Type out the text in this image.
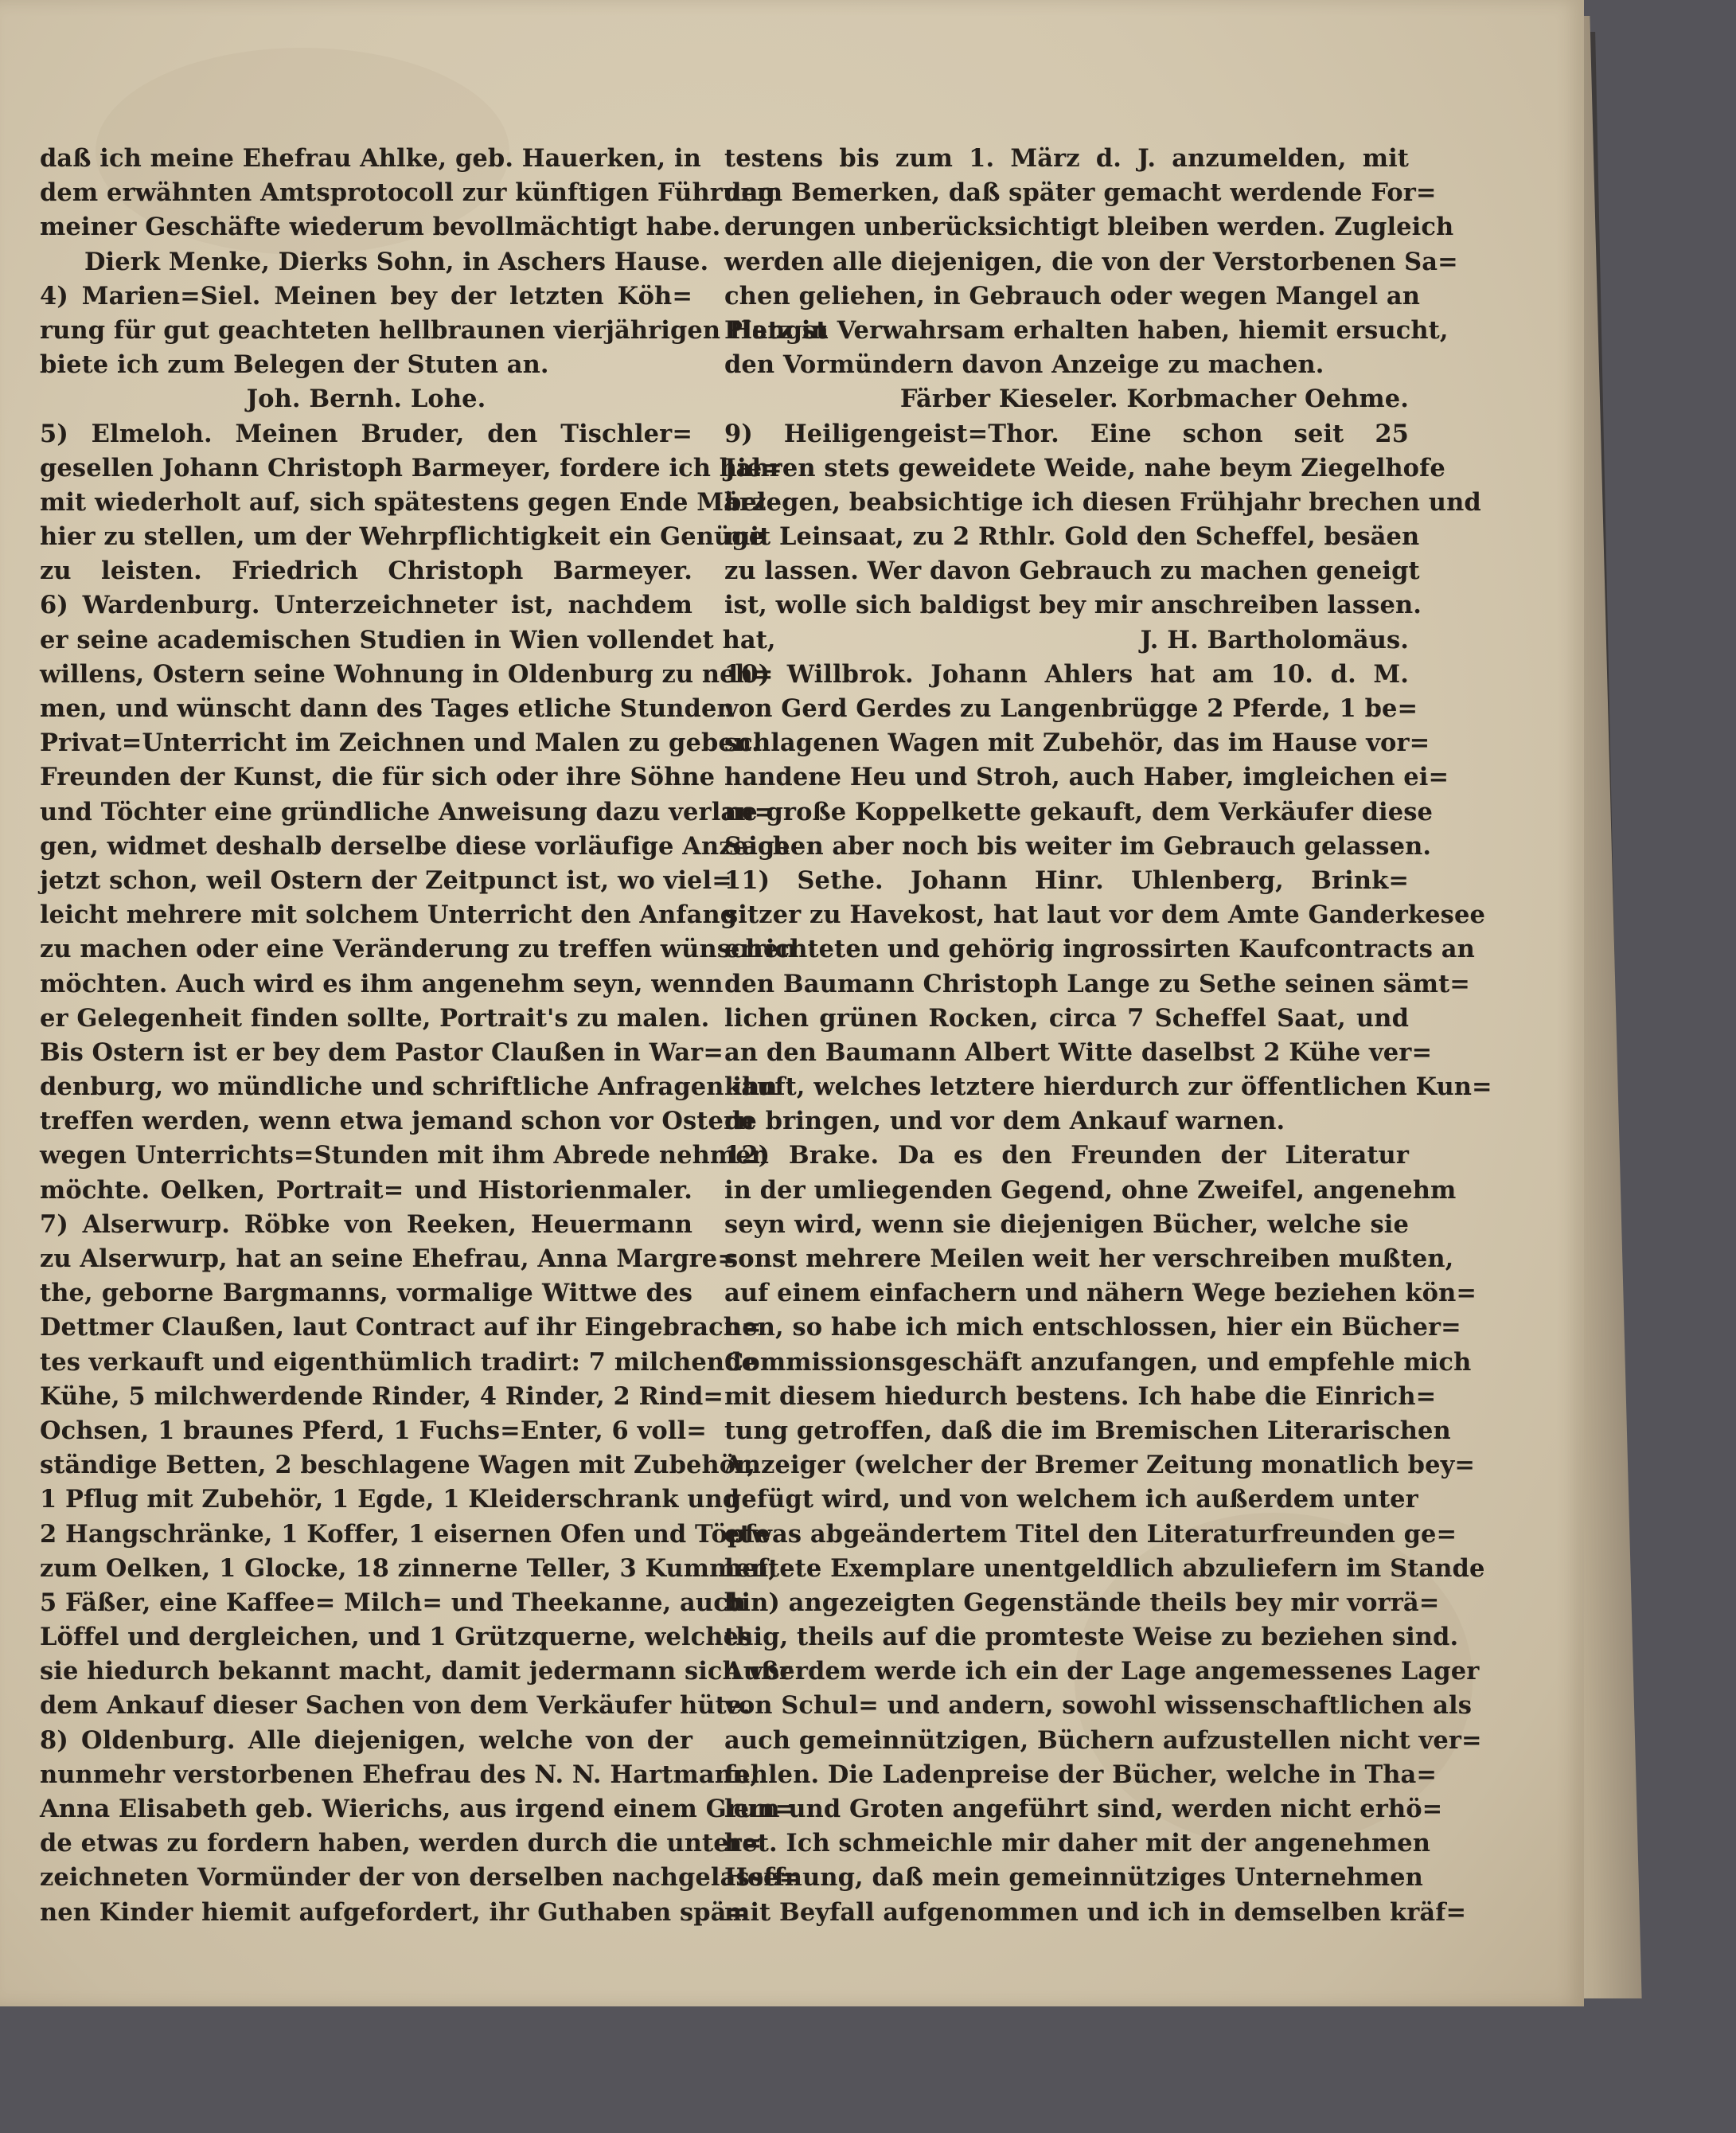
daß ich meine Ehefrau Ahlke, geb. Hauerken, in
dem erwähnten Amtsprotocoll zur künftigen Führung
meiner Geschäfte wiederum bevollmächtigt habe.
Dierk Menke, Dierks Sohn, in Aschers Hause.
4) Marien=Siel. Meinen bey der letzten Köh=
rung für gut geachteten hellbraunen vierjährigen Hengst
biete ich zum Belegen der Stuten an.
Joh. Bernh. Lohe.
5) Elmeloh. Meinen Bruder, den Tischler=
gesellen Johann Christoph Barmeyer, fordere ich hie=
mit wiederholt auf, sich spätestens gegen Ende März
hier zu stellen, um der Wehrpflichtigkeit ein Genüge
zu leisten. Friedrich Christoph Barmeyer.
6) Wardenburg. Unterzeichneter ist, nachdem
er seine academischen Studien in Wien vollendet hat,
willens, Ostern seine Wohnung in Oldenburg zu neh=
men, und wünscht dann des Tages etliche Stunden
Privat=Unterricht im Zeichnen und Malen zu geben.
Freunden der Kunst, die für sich oder ihre Söhne
und Töchter eine gründliche Anweisung dazu verlan=
gen, widmet deshalb derselbe diese vorläufige Anzeige
jetzt schon, weil Ostern der Zeitpunct ist, wo viel=
leicht mehrere mit solchem Unterricht den Anfang
zu machen oder eine Veränderung zu treffen wünschen
möchten. Auch wird es ihm angenehm seyn, wenn
er Gelegenheit finden sollte, Portrait's zu malen.
Bis Ostern ist er bey dem Pastor Claußen in War=
denburg, wo mündliche und schriftliche Anfragen ihn
treffen werden, wenn etwa jemand schon vor Ostern
wegen Unterrichts=Stunden mit ihm Abrede nehmen
möchte. Oelken, Portrait= und Historienmaler.
7) Alserwurp. Röbke von Reeken, Heuermann
zu Alserwurp, hat an seine Ehefrau, Anna Margre=
the, geborne Bargmanns, vormalige Wittwe des
Dettmer Claußen, laut Contract auf ihr Eingebrach=
tes verkauft und eigenthümlich tradirt: 7 milchende
Kühe, 5 milchwerdende Rinder, 4 Rinder, 2 Rind=
Ochsen, 1 braunes Pferd, 1 Fuchs=Enter, 6 voll=
ständige Betten, 2 beschlagene Wagen mit Zubehör,
1 Pflug mit Zubehör, 1 Egde, 1 Kleiderschrank und
2 Hangschränke, 1 Koffer, 1 eisernen Ofen und Töpfe
zum Oelken, 1 Glocke, 18 zinnerne Teller, 3 Kummen,
5 Fäßer, eine Kaffee= Milch= und Theekanne, auch
Löffel und dergleichen, und 1 Grützquerne, welches
sie hiedurch bekannt macht, damit jedermann sich vor
dem Ankauf dieser Sachen von dem Verkäufer hüte.
8) Oldenburg. Alle diejenigen, welche von der
nunmehr verstorbenen Ehefrau des N. N. Hartmann,
Anna Elisabeth geb. Wierichs, aus irgend einem Grun=
de etwas zu fordern haben, werden durch die unter=
zeichneten Vormünder der von derselben nachgelasse=
nen Kinder hiemit aufgefordert, ihr Guthaben spä=
testens bis zum 1. März d. J. anzumelden, mit
dem Bemerken, daß später gemacht werdende For=
derungen unberücksichtigt bleiben werden. Zugleich
werden alle diejenigen, die von der Verstorbenen Sa=
chen geliehen, in Gebrauch oder wegen Mangel an
Platz in Verwahrsam erhalten haben, hiemit ersucht,
den Vormündern davon Anzeige zu machen.
Färber Kieseler. Korbmacher Oehme.
9) Heiligengeist=Thor. Eine schon seit 25
Jahren stets geweidete Weide, nahe beym Ziegelhofe
belegen, beabsichtige ich diesen Frühjahr brechen und
mit Leinsaat, zu 2 Rthlr. Gold den Scheffel, besäen
zu lassen. Wer davon Gebrauch zu machen geneigt
ist, wolle sich baldigst bey mir anschreiben lassen.
J. H. Bartholomäus.
10) Willbrok. Johann Ahlers hat am 10. d. M.
von Gerd Gerdes zu Langenbrügge 2 Pferde, 1 be=
schlagenen Wagen mit Zubehör, das im Hause vor=
handene Heu und Stroh, auch Haber, imgleichen ei=
ne große Koppelkette gekauft, dem Verkäufer diese
Sachen aber noch bis weiter im Gebrauch gelassen.
11) Sethe. Johann Hinr. Uhlenberg, Brink=
sitzer zu Havekost, hat laut vor dem Amte Ganderkesee
errichteten und gehörig ingrossirten Kaufcontracts an
den Baumann Christoph Lange zu Sethe seinen sämt=
lichen grünen Rocken, circa 7 Scheffel Saat, und
an den Baumann Albert Witte daselbst 2 Kühe ver=
kauft, welches letztere hierdurch zur öffentlichen Kun=
de bringen, und vor dem Ankauf warnen.
12) Brake. Da es den Freunden der Literatur
in der umliegenden Gegend, ohne Zweifel, angenehm
seyn wird, wenn sie diejenigen Bücher, welche sie
sonst mehrere Meilen weit her verschreiben mußten,
auf einem einfachern und nähern Wege beziehen kön=
nen, so habe ich mich entschlossen, hier ein Bücher=
Commissionsgeschäft anzufangen, und empfehle mich
mit diesem hiedurch bestens. Ich habe die Einrich=
tung getroffen, daß die im Bremischen Literarischen
Anzeiger (welcher der Bremer Zeitung monatlich bey=
gefügt wird, und von welchem ich außerdem unter
etwas abgeändertem Titel den Literaturfreunden ge=
heftete Exemplare unentgeldlich abzuliefern im Stande
bin) angezeigten Gegenstände theils bey mir vorrä=
thig, theils auf die promteste Weise zu beziehen sind.
Außerdem werde ich ein der Lage angemessenes Lager
von Schul= und andern, sowohl wissenschaftlichen als
auch gemeinnützigen, Büchern aufzustellen nicht ver=
fehlen. Die Ladenpreise der Bücher, welche in Tha=
lern und Groten angeführt sind, werden nicht erhö=
het. Ich schmeichle mir daher mit der angenehmen
Hoffnung, daß mein gemeinnütziges Unternehmen
mit Beyfall aufgenommen und ich in demselben kräf=
